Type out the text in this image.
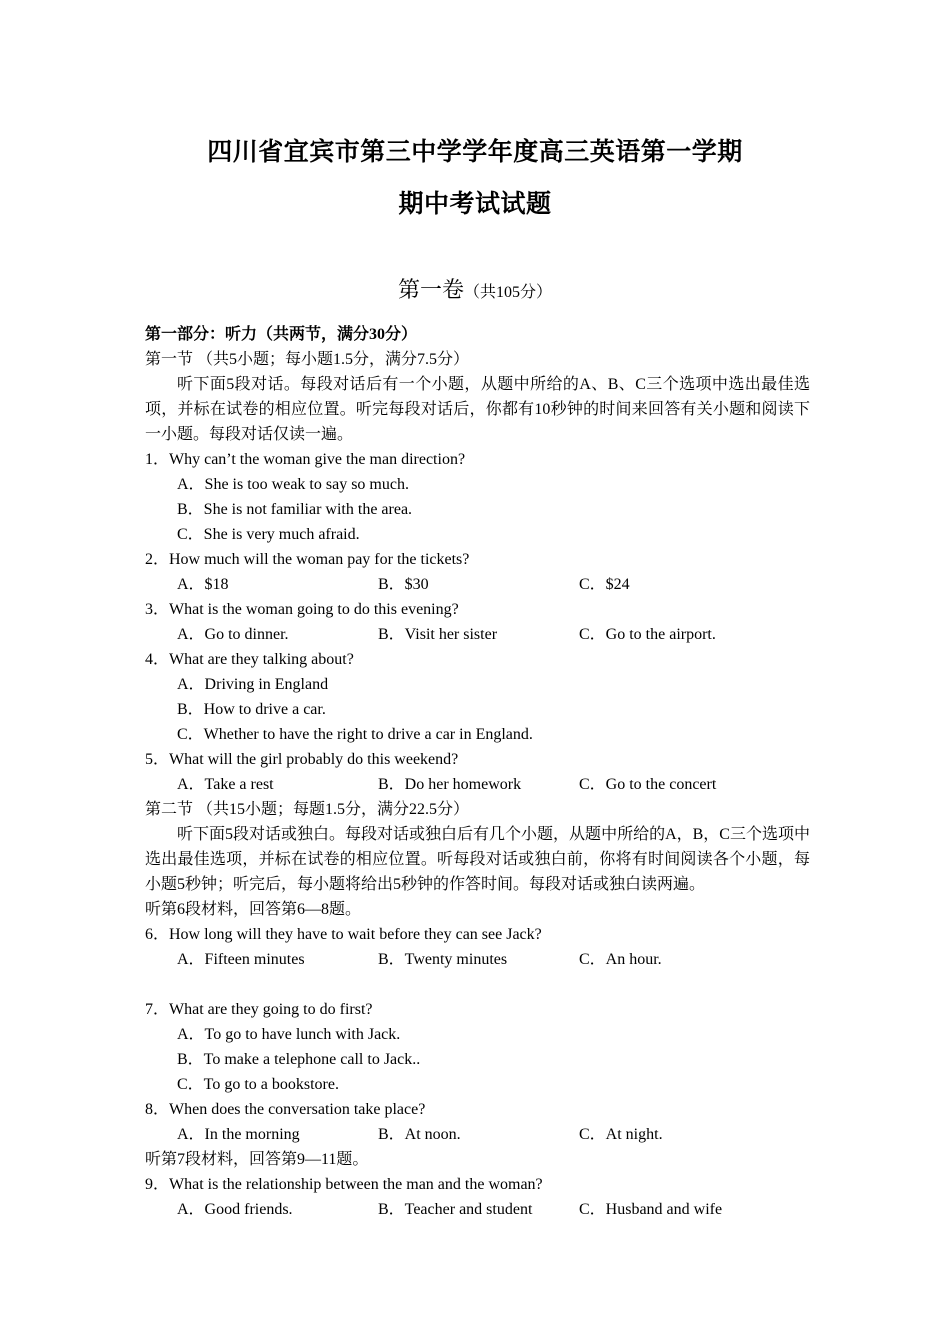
四川省宜宾市第三中学学年度高三英语第一学期
期中考试试题
第一卷（共105分）
第一部分：听力（共两节，满分30分）
第一节 （共5小题；每小题1.5分，满分7.5分）

听下面5段对话。每段对话后有一个小题，从题中所给的A、B、C三个选项中选出最佳选项，并标在试卷的相应位置。听完每段对话后，你都有10秒钟的时间来回答有关小题和阅读下一小题。每段对话仅读一遍。

1．Why can’t the woman give the man direction?
A．She is too weak to say so much.
B．She is not familiar with the area.
C．She is very much afraid.
2．How much will the woman pay for the tickets?
A．$18	B．$30	C．$24
3．What is the woman going to do this evening?
A．Go to dinner.	B．Visit her sister	C．Go to the airport.
4．What are they talking about?
A．Driving in England
B．How to drive a car.
C．Whether to have the right to drive a car in England.
5．What will the girl probably do this weekend?
A．Take a rest	B．Do her homework	C．Go to the concert
第二节 （共15小题；每题1.5分，满分22.5分）

听下面5段对话或独白。每段对话或独白后有几个小题，从题中所给的A，B，C三个选项中选出最佳选项，并标在试卷的相应位置。听每段对话或独白前，你将有时间阅读各个小题，每小题5秒钟；听完后，每小题将给出5秒钟的作答时间。每段对话或独白读两遍。

听第6段材料，回答第6—8题。
6．How long will they have to wait before they can see Jack?
A．Fifteen minutes	B．Twenty minutes	C．An hour.
7．What are they going to do first?
A．To go to have lunch with Jack.
B．To make a telephone call to Jack..
C．To go to a bookstore.
8．When does the conversation take place?
A．In the morning	B．At noon.	C．At night.
听第7段材料，回答第9—11题。
9．What is the relationship between the man and the woman?
A．Good friends.	B．Teacher and student	C．Husband and wife
